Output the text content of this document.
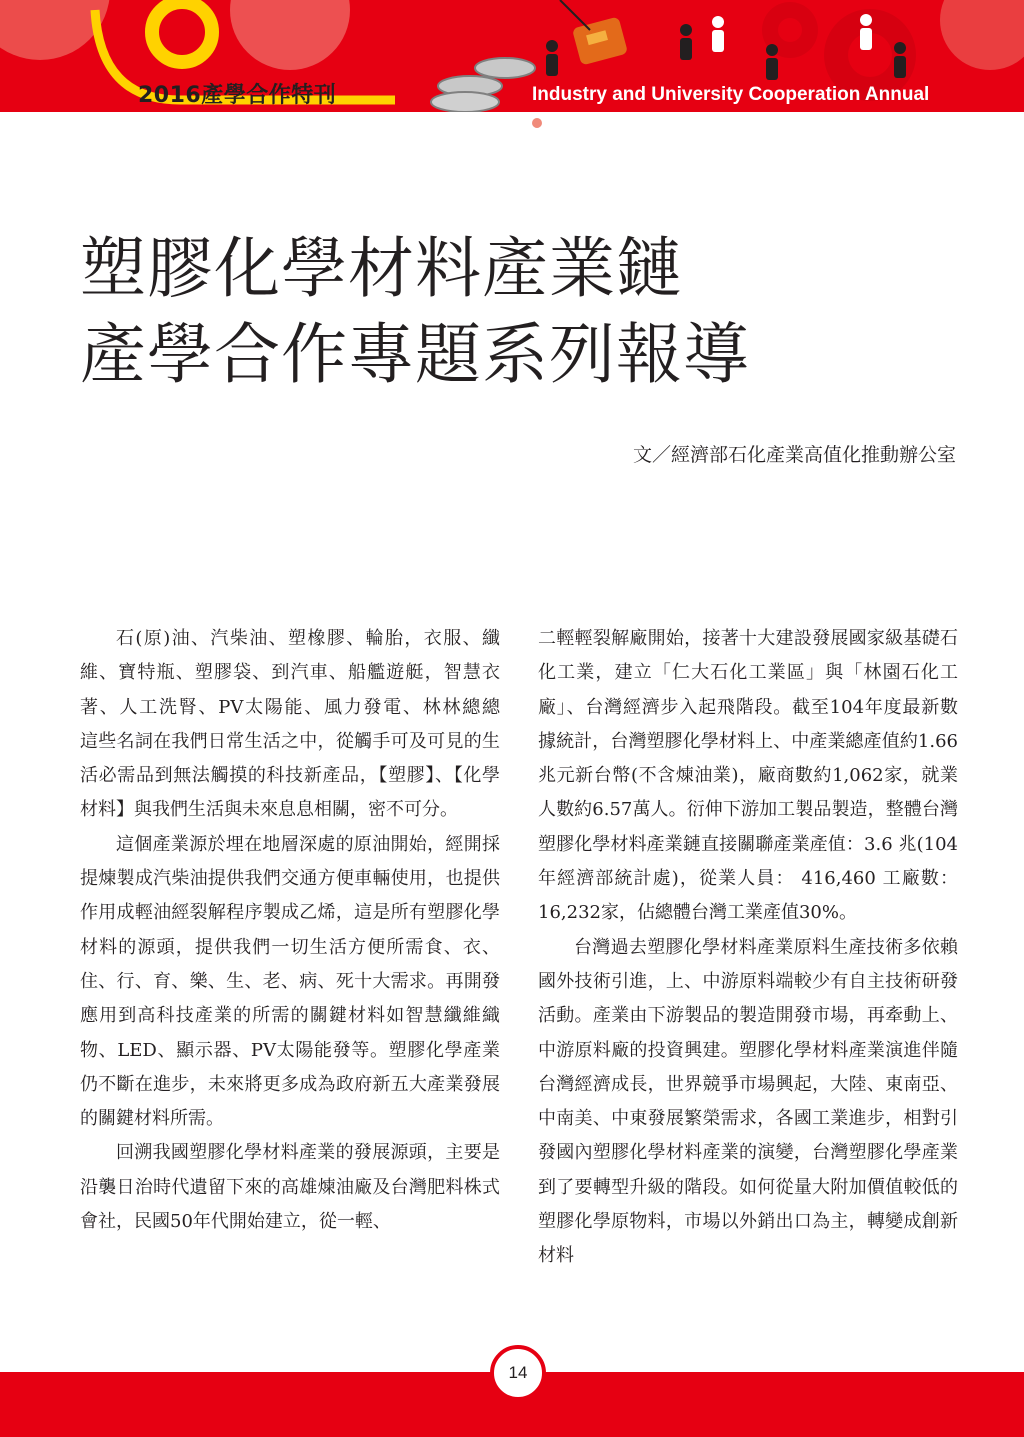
2016產學合作特刊	Industry and University Cooperation Annual
塑膠化學材料產業鏈
產學合作專題系列報導
文／經濟部石化產業高值化推動辦公室

石(原)油、汽柴油、塑橡膠、輪胎，衣服、纖維、寶特瓶、塑膠袋、到汽車、船艦遊艇，智慧衣著、人工洗腎、PV太陽能、風力發電、林林總總　這些名詞在我們日常生活之中，從觸手可及可見的生活必需品到無法觸摸的科技新產品，【塑膠】、【化學材料】與我們生活與未來息息相關，密不可分。

這個產業源於埋在地層深處的原油開始，經開採提煉製成汽柴油提供我們交通方便車輛使用，也提供作用成輕油經裂解程序製成乙烯，這是所有塑膠化學材料的源頭，提供我們一切生活方便所需食、衣、住、行、育、樂、生、老、病、死十大需求。再開發應用到高科技產業的所需的關鍵材料如智慧纖維織物、LED、顯示器、PV太陽能發等。塑膠化學產業仍不斷在進步，未來將更多成為政府新五大產業發展的關鍵材料所需。

回溯我國塑膠化學材料產業的發展源頭，主要是沿襲日治時代遺留下來的高雄煉油廠及台灣肥料株式會社，民國50年代開始建立，從一輕、

二輕輕裂解廠開始，接著十大建設發展國家級基礎石化工業，建立「仁大石化工業區」與「林園石化工廠」、台灣經濟步入起飛階段。截至104年度最新數據統計，台灣塑膠化學材料上、中產業總產值約1.66兆元新台幣(不含煉油業)，廠商數約1,062家，就業人數約6.57萬人。衍伸下游加工製品製造，整體台灣塑膠化學材料產業鏈直接關聯產業產值：3.6 兆(104年經濟部統計處)，從業人員： 416,460 工廠數：16,232家，佔總體台灣工業產值30%。

台灣過去塑膠化學材料產業原料生產技術多依賴國外技術引進，上、中游原料端較少有自主技術研發活動。產業由下游製品的製造開發市場，再牽動上、中游原料廠的投資興建。塑膠化學材料產業演進伴隨台灣經濟成長，世界競爭市場興起，大陸、東南亞、中南美、中東發展繁榮需求，各國工業進步，相對引發國內塑膠化學材料產業的演變，台灣塑膠化學產業到了要轉型升級的階段。如何從量大附加價值較低的塑膠化學原物料，市場以外銷出口為主，轉變成創新材料

14
